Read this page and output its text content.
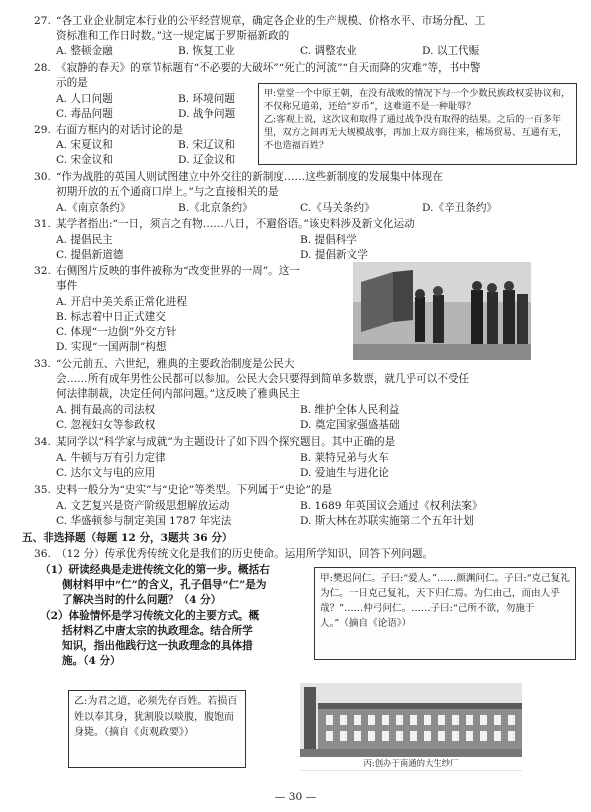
27. “各工业企业制定本行业的公平经营规章，确定各企业的生产规模、价格水平、市场分配、工
资标准和工作日时数。”这一规定属于罗斯福新政的
A. 整顿金融	B. 恢复工业	C. 调整农业	D. 以工代赈
28. 《寂静的春天》的章节标题有“不必要的大破坏”“死亡的河流”“自天而降的灾难”等，书中警
示的是
A. 人口问题	B. 环境问题
C. 毒品问题	D. 战争问题
甲:堂堂一个中原王朝，在没有战败的情况下与一个少数民族政权妥协议和，不仅称兄道弟，还给“岁币”，这难道不是一种耻辱？
乙:客观上说，这次议和取得了通过战争没有取得的结果。之后的一百多年里，双方之间再无大规模战事，再加上双方商往来，榷场贸易、互通有无，不也造福百姓？
29. 右面方框内的对话讨论的是
A. 宋夏议和	B. 宋辽议和
C. 宋金议和	D. 辽金议和
30. “作为战胜的英国人则试图建立中外交往的新制度……这些新制度的发展集中体现在
初期开放的五个通商口岸上。”与之直接相关的是
A.《南京条约》	B.《北京条约》	C.《马关条约》	D.《辛丑条约》
31. 某学者指出:“一日，须言之有物……八日，不避俗语。”该史料涉及新文化运动
A. 提倡民主	B. 提倡科学
C. 提倡新道德	D. 提倡新文学
32. 右侧图片反映的事件被称为“改变世界的一周”。这一
事件
A. 开启中美关系正常化进程
B. 标志着中日正式建交
C. 体现“一边倒”外交方针
D. 实现“一国两制”构想
33. “公元前五、六世纪，雅典的主要政治制度是公民大
会……所有成年男性公民都可以参加。公民大会只要得到简单多数票，就几乎可以不受任
何法律制裁，决定任何内部问题。”这反映了雅典民主
A. 拥有最高的司法权	B. 维护全体人民利益
C. 忽视妇女等参政权	D. 奠定国家强盛基础
34. 某同学以“科学家与成就”为主题设计了如下四个探究题目。其中正确的是
A. 牛顿与万有引力定律	B. 莱特兄弟与火车
C. 达尔文与电的应用	D. 爱迪生与进化论
35. 史料一般分为“史实”与“史论”等类型。下列属于“史论”的是
A. 文艺复兴是资产阶级思想解放运动	B. 1689 年英国议会通过《权利法案》
C. 华盛顿参与制定美国 1787 年宪法	D. 斯大林在苏联实施第二个五年计划
五、非选择题（每题 12 分，3题共 36 分）
36. （12 分）传承优秀传统文化是我们的历史使命。运用所学知识，回答下列问题。
（1）研读经典是走进传统文化的第一步。概括右
侧材料甲中“仁”的含义，孔子倡导“仁”是为
了解决当时的什么问题？（4 分）
（2）体验情怀是学习传统文化的主要方式。概
括材料乙中唐太宗的执政理念。结合所学
知识，指出他践行这一执政理念的具体措
施。（4 分）
甲:樊迟问仁。子曰:“爱人。”……颜渊问仁。子曰:“克己复礼为仁。一日克己复礼，天下归仁焉。为仁由己，而由人乎哉？”……仲弓问仁。……子曰:“己所不欲，勿施于人。”（摘自《论语》）
乙:为君之道，必须先存百姓。若损百姓以奉其身，犹割股以啖腹，腹饱而身毙。（摘自《贞观政要》）
丙:创办于南通的大生纱厂
— 30 —
